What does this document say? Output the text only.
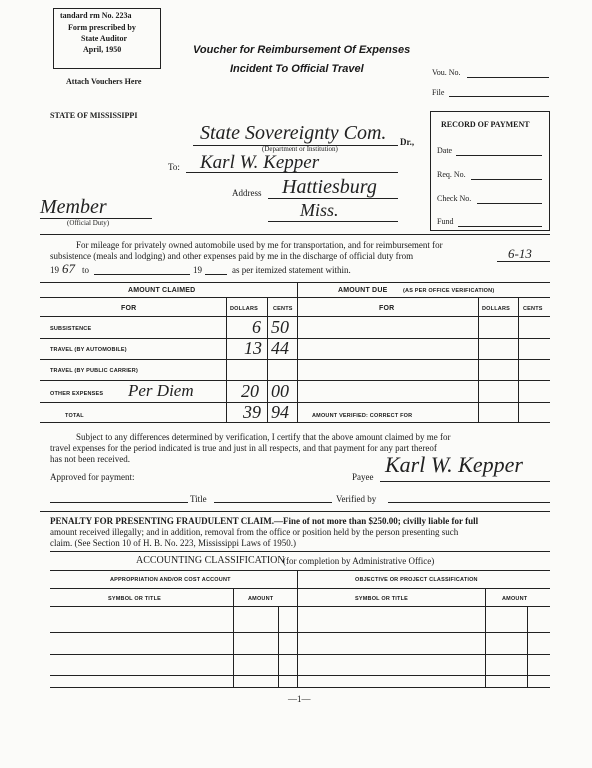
tandard rm No. 223a
Form prescribed by
State Auditor
April, 1950
Attach Vouchers Here
Voucher for Reimbursement Of Expenses
Incident To Official Travel	Vou. No.
File
STATE OF MISSISSIPPI
State Sovereignty Com. Dr.,
(Department or Institution)
To: Karl W. Kepper
Address Hattiesburg
Miss.
Member
(Official Duty)
RECORD OF PAYMENT
Date
Req. No.
Check No.
Fund
For mileage for privately owned automobile used by me for transportation, and for reimbursement for
subsistence (meals and lodging) and other expenses paid by me in the discharge of official duty from	6-13
19 67 to	19	as per itemized statement within.
AMOUNT CLAIMED	AMOUNT DUE	(AS PER OFFICE VERIFICATION)
FOR	DOLLARS	CENTS	FOR	DOLLARS CENTS
SUBSISTENCE	6 50
TRAVEL (BY AUTOMOBILE)	13 44
TRAVEL (BY PUBLIC CARRIER)
OTHER EXPENSES Per Diem	20 00
TOTAL	39 94	AMOUNT VERIFIED: CORRECT FOR
Subject to any differences determined by verification, I certify that the above amount claimed by me for
travel expenses for the period indicated is true and just in all respects, and that payment for any part thereof
has not been received.
Approved for payment:	Payee Karl W. Kepper
Title	Verified by
PENALTY FOR PRESENTING FRAUDULENT CLAIM.—Fine of not more than $250.00; civilly liable for full
amount received illegally; and in addition, removal from the office or position held by the person presenting such
claim. (See Section 10 of H. B. No. 223, Mississippi Laws of 1950.)
ACCOUNTING CLASSIFICATION
(for completion by Administrative Office)
APPROPRIATION AND/OR COST ACCOUNT	OBJECTIVE OR PROJECT CLASSIFICATION
SYMBOL OR TITLE	AMOUNT	SYMBOL OR TITLE	AMOUNT
—1—
